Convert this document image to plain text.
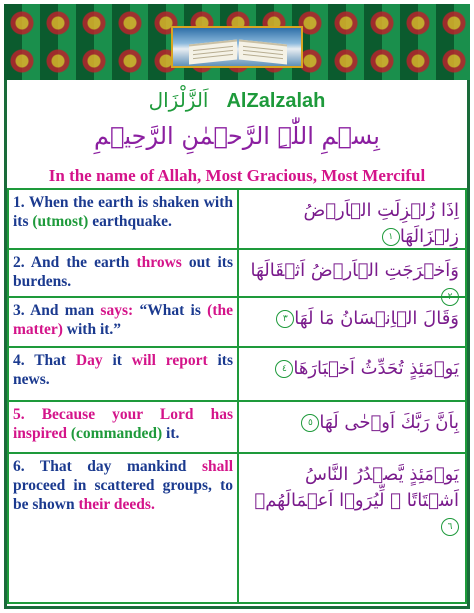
اَلزَّلْزَال AlZalzalah
بِسۡمِ اللّٰہِ الرَّحۡمٰنِ الرَّحِیۡمِ
In the name of Allah, Most Gracious, Most Merciful
1. When the earth is shaken with its (utmost) earthquake.
اِذَا زُلۡزِلَتِ الۡاَرۡضُ زِلۡزَالَهَا١
2. And the earth throws out its burdens.
وَاَخۡرَجَتِ الۡاَرۡضُ اَثۡقَالَهَا٢
3. And man says: “What is (the matter) with it.”
وَقَالَ الۡاِنۡسَانُ مَا لَهَا٣
4. That Day it will report its news.
يَوۡمَئِذٍ تُحَدِّثُ اَخۡبَارَهَا٤
5. Because your Lord has inspired (commanded) it.
بِاَنَّ رَبَّكَ اَوۡحٰى لَهَا٥
6. That day mankind shall proceed in scattered groups, to be shown their deeds.
يَوۡمَئِذٍ يَّصۡدُرُ النَّاسُ اَشۡتَاتًا ۙ لِّيُرَوۡا اَعۡمَالَهُمۡ٦
